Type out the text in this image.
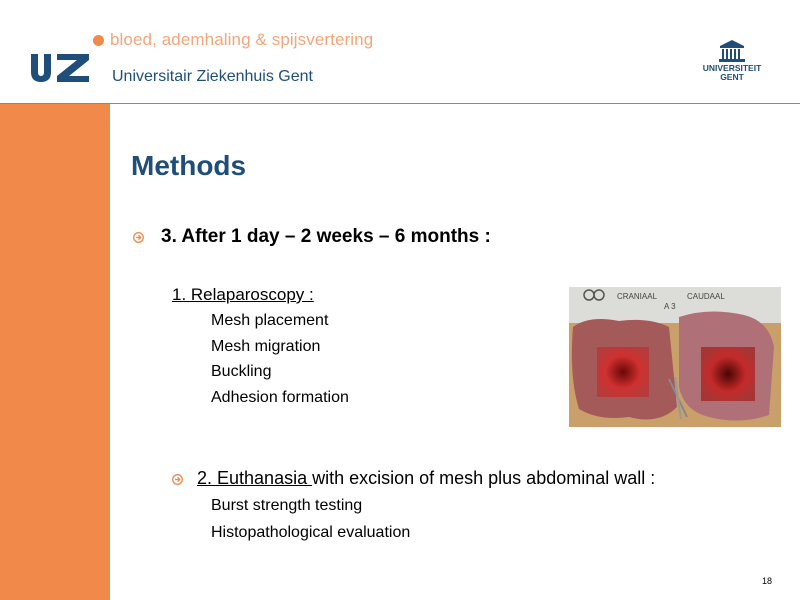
bloed, ademhaling & spijsvertering
Universitair Ziekenhuis Gent	UNIVERSITEIT
GENT
Methods
3. After 1 day – 2 weeks – 6 months :
1. Relaparoscopy :
Mesh placement
Mesh migration
Buckling
Adhesion formation
CRANIAAL	CAUDAAL
A 3
2. Euthanasia with excision of mesh plus abdominal wall :
Burst strength testing
Histopathological evaluation
18
